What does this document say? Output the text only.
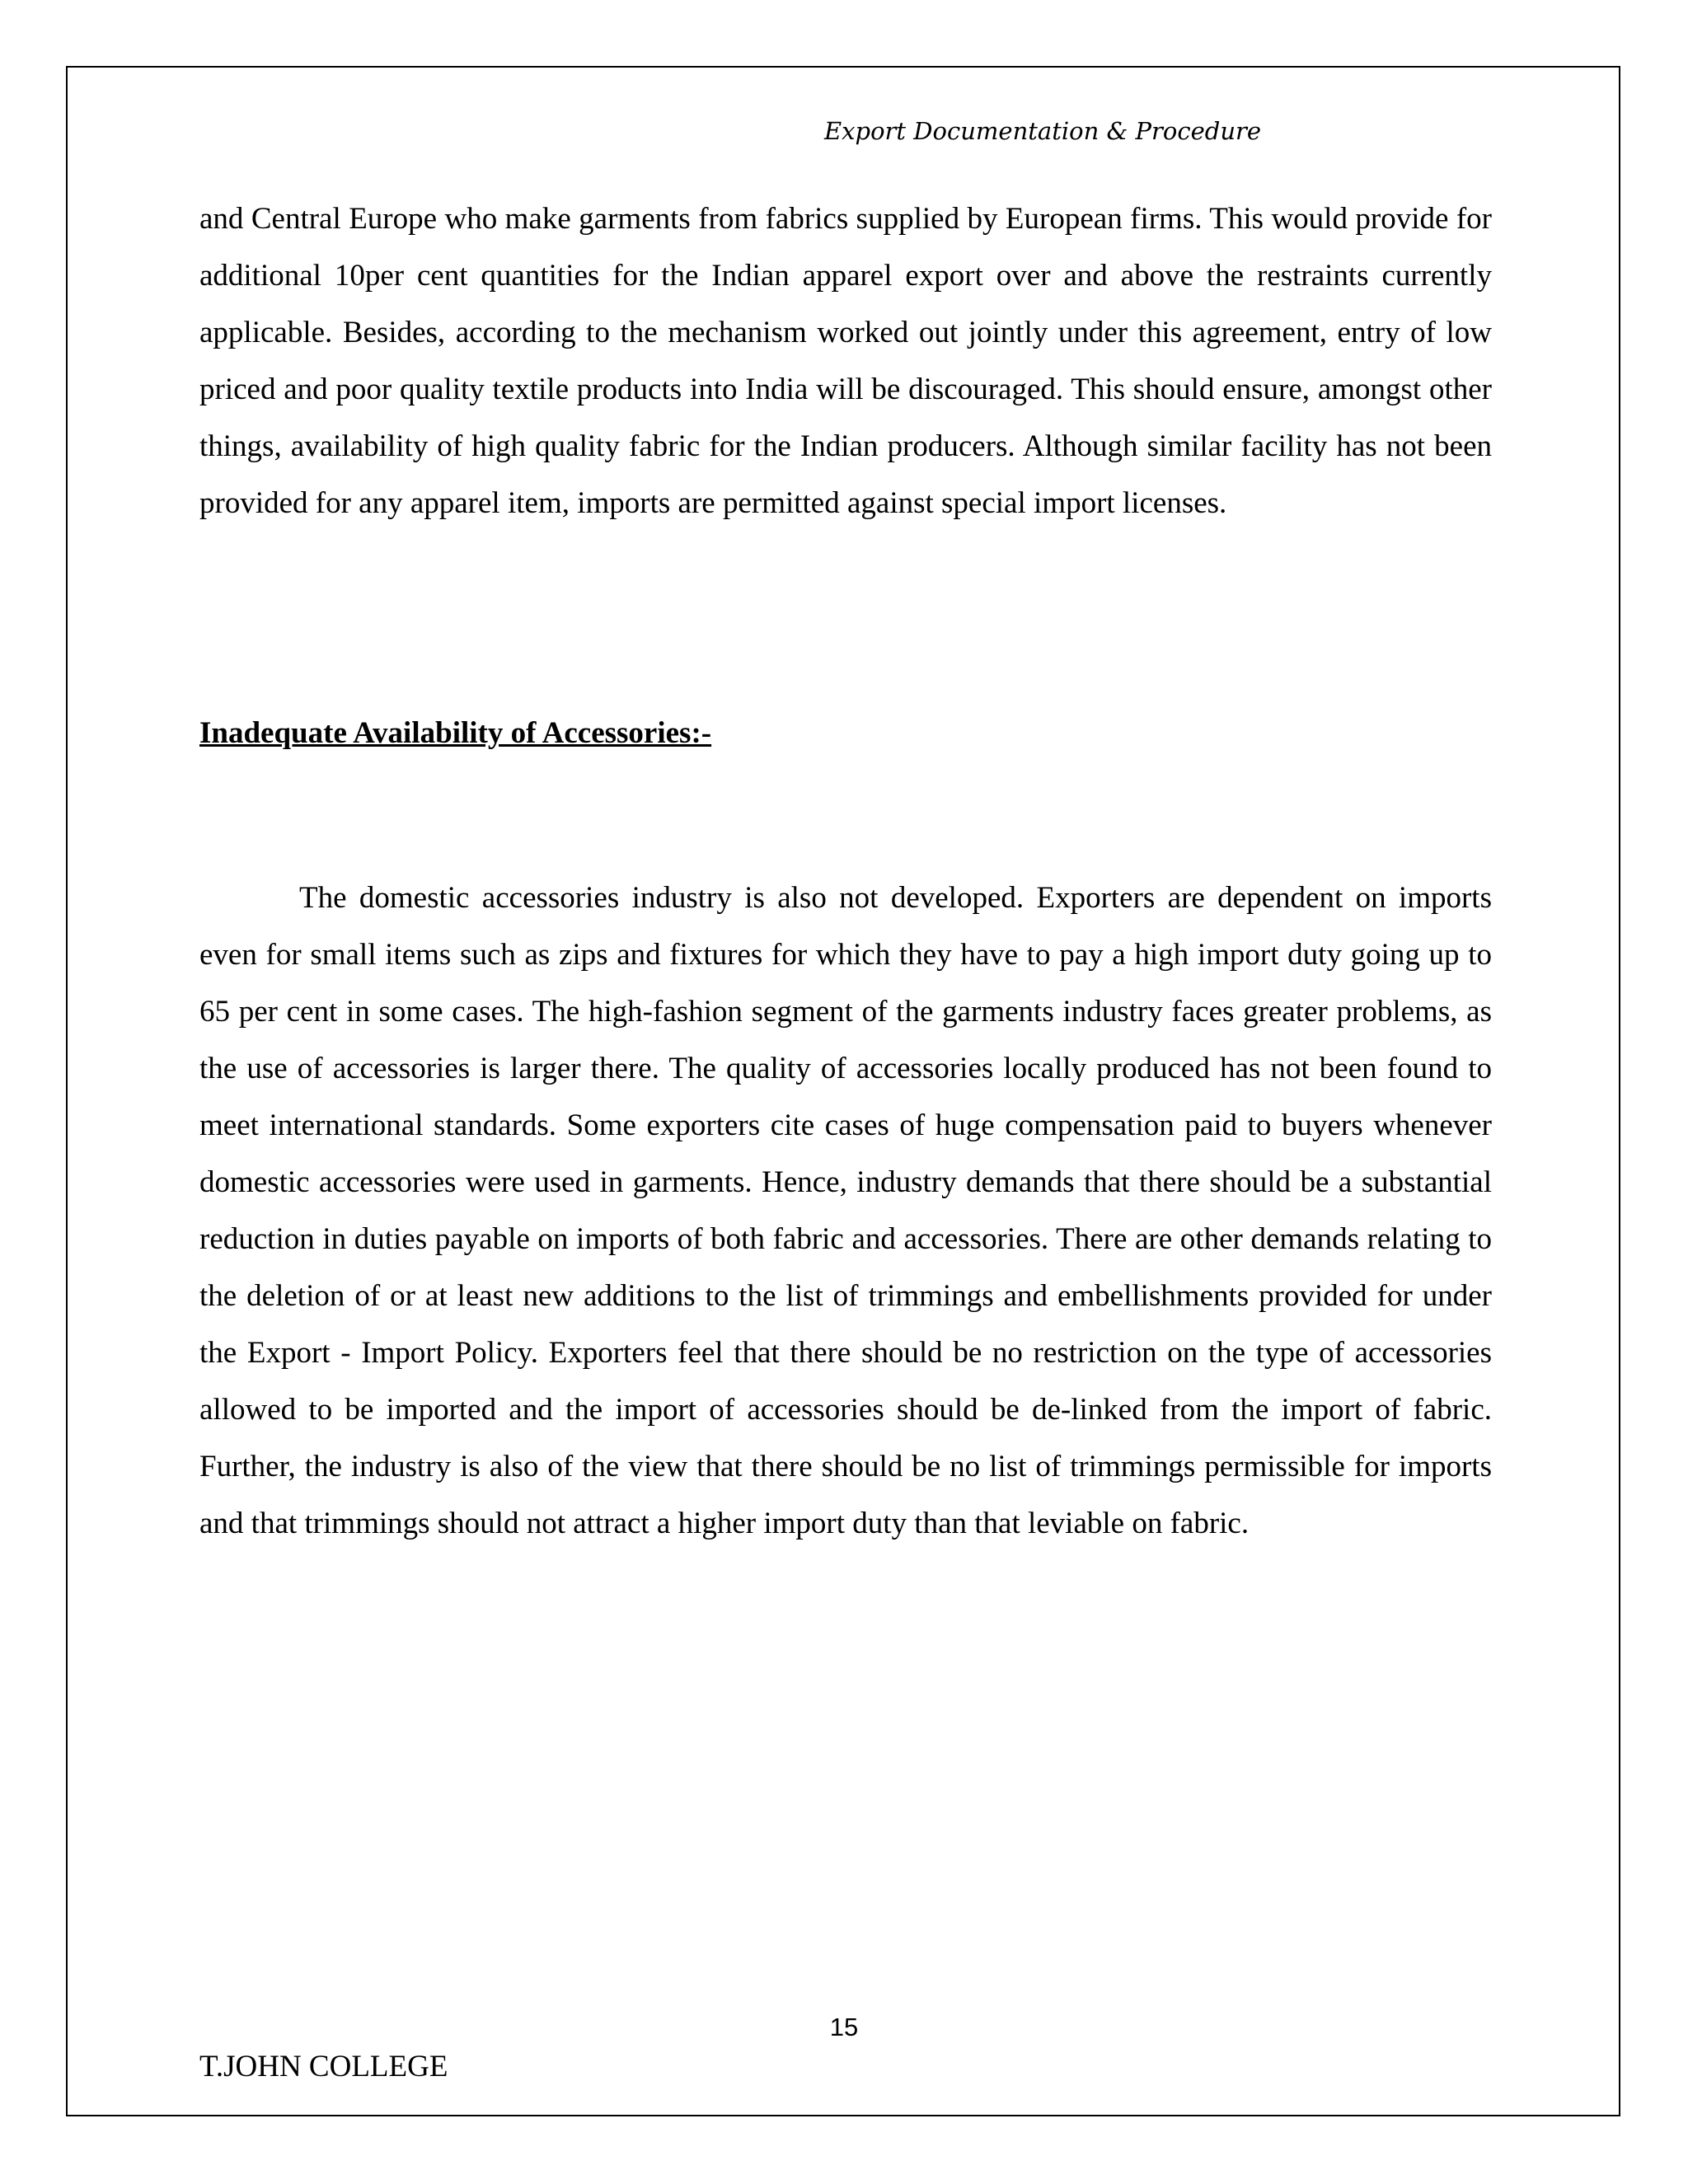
Export Documentation & Procedure

and Central Europe who make garments from fabrics supplied by European firms. This would provide for additional 10per cent quantities for the Indian apparel export over and above the restraints currently applicable. Besides, according to the mechanism worked out jointly under this agreement, entry of low priced and poor quality textile products into India will be discouraged. This should ensure, amongst other things, availability of high quality fabric for the Indian producers. Although similar facility has not been provided for any apparel item, imports are permitted against special import licenses.

Inadequate Availability of Accessories:-

The domestic accessories industry is also not developed. Exporters are dependent on imports even for small items such as zips and fixtures for which they have to pay a high import duty going up to 65 per cent in some cases. The high-fashion segment of the garments industry faces greater problems, as the use of accessories is larger there. The quality of accessories locally produced has not been found to meet international standards. Some exporters cite cases of huge compensation paid to buyers whenever domestic accessories were used in garments. Hence, industry demands that there should be a substantial reduction in duties payable on imports of both fabric and accessories. There are other demands relating to the deletion of or at least new additions to the list of trimmings and embellishments provided for under the Export - Import Policy. Exporters feel that there should be no restriction on the type of accessories allowed to be imported and the import of accessories should be de-linked from the import of fabric. Further, the industry is also of the view that there should be no list of trimmings permissible for imports and that trimmings should not attract a higher import duty than that leviable on fabric.

15
T.JOHN COLLEGE
